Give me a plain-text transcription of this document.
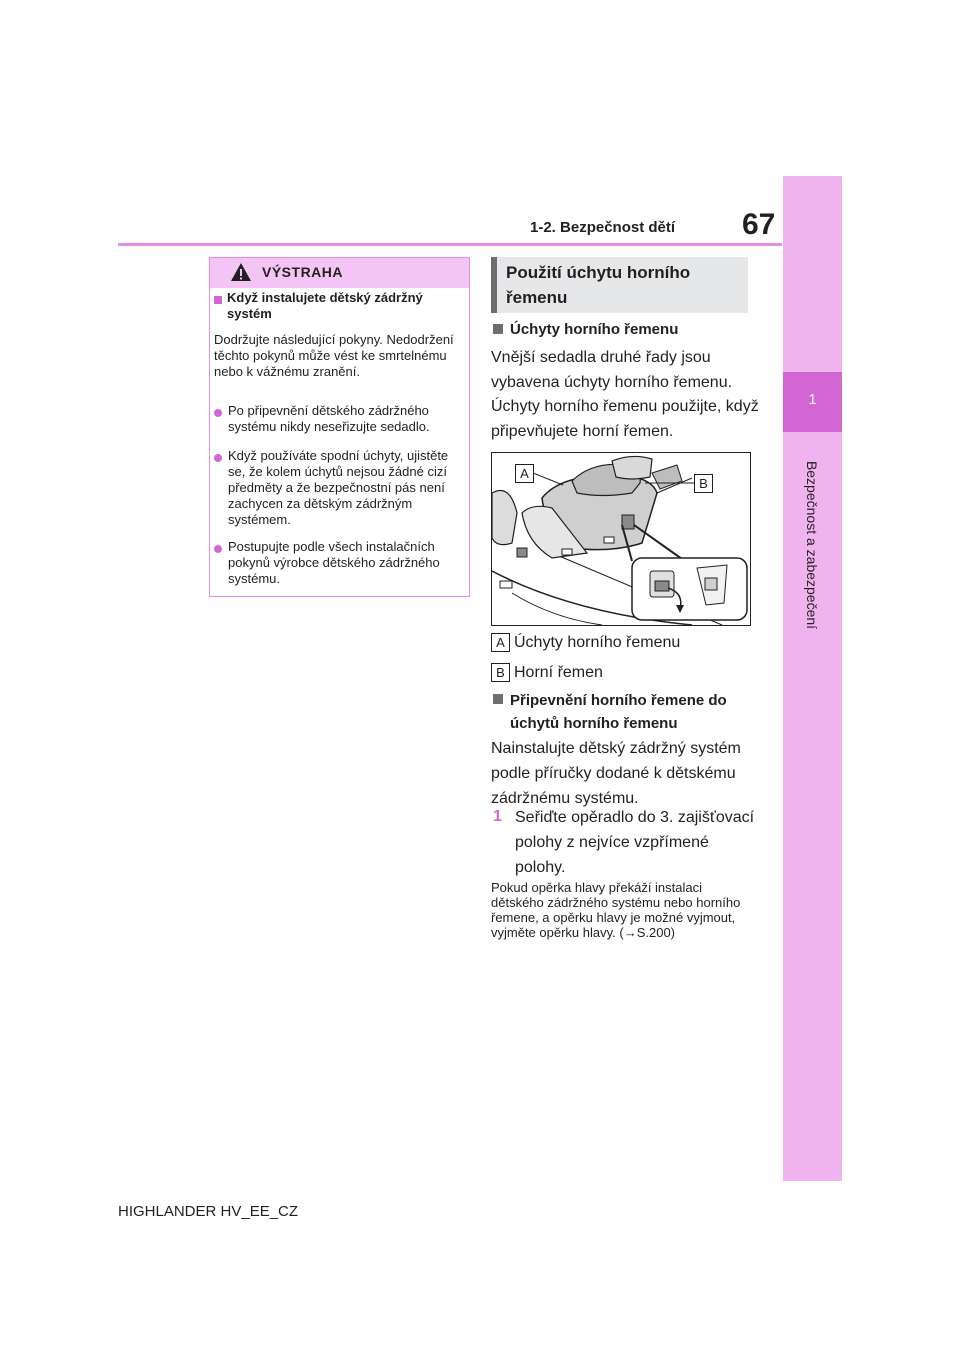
1-2. Bezpečnost dětí 67
1
Bezpečnost a zabezpečení
VÝSTRAHA
Když instalujete dětský zádržný systém
Dodržujte následující pokyny. Nedodržení těchto pokynů může vést ke smrtelnému nebo k vážnému zranění.
Po připevnění dětského zádržného systému nikdy neseřizujte sedadlo.
Když používáte spodní úchyty, ujistěte se, že kolem úchytů nejsou žádné cizí předměty a že bezpečnostní pás není zachycen za dětským zádržným systémem.
Postupujte podle všech instalačních pokynů výrobce dětského zádržného systému.
Použití úchytu horního řemenu
Úchyty horního řemenu
Vnější sedadla druhé řady jsou vybavena úchyty horního řemenu.
Úchyty horního řemenu použijte, když připevňujete horní řemen.
A
B
A Úchyty horního řemenu
B Horní řemen
Připevnění horního řemene do úchytů horního řemenu
Nainstalujte dětský zádržný systém podle příručky dodané k dětskému zádržnému systému.
1 Seřiďte opěradlo do 3. zajišťovací polohy z nejvíce vzpřímené polohy.
Pokud opěrka hlavy překáží instalaci dětského zádržného systému nebo horního řemene, a opěrku hlavy je možné vyjmout, vyjměte opěrku hlavy. (→S.200)
HIGHLANDER HV_EE_CZ
